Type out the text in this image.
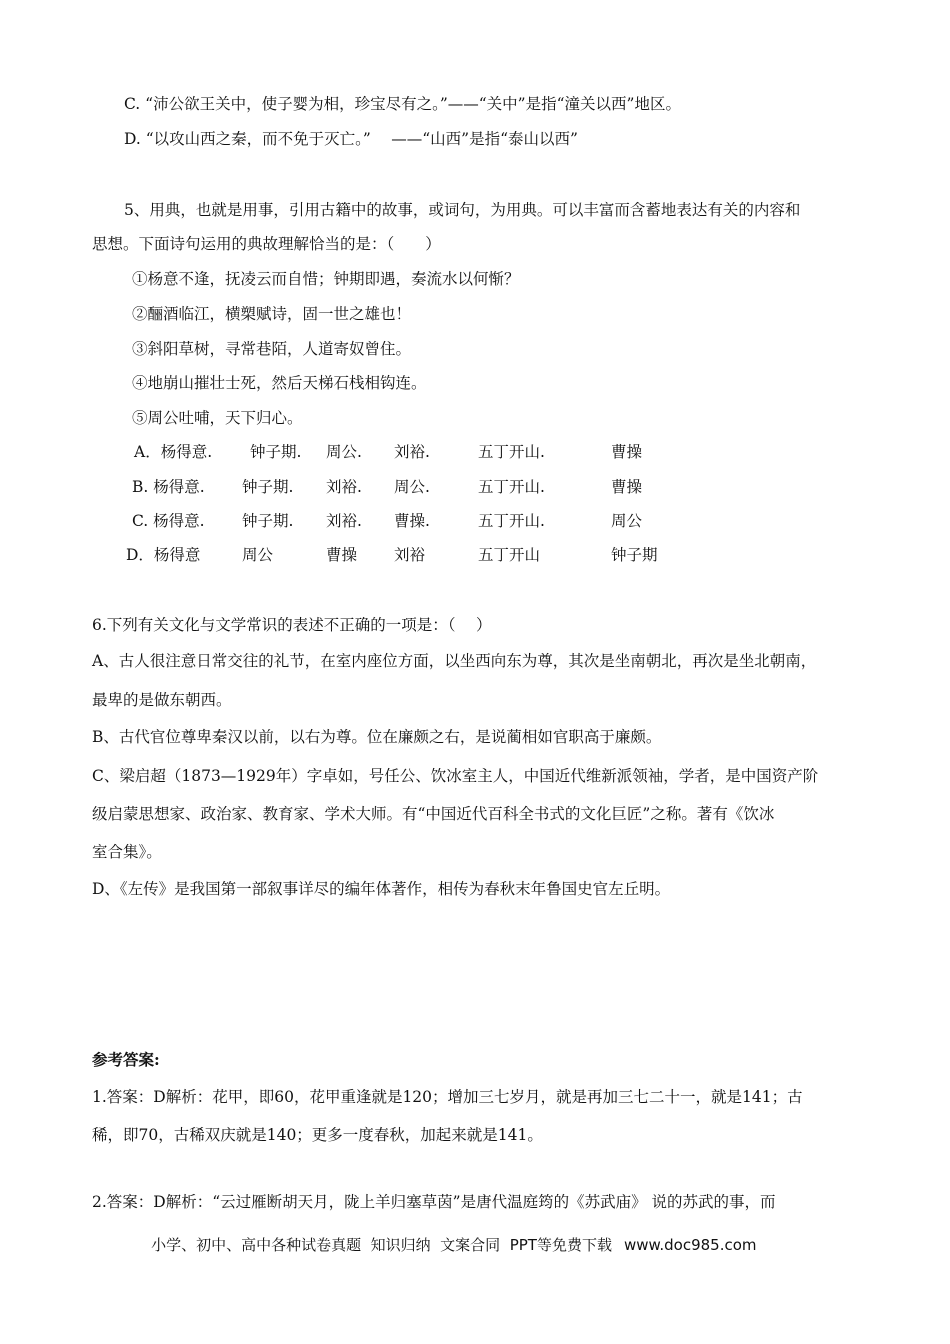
C. “沛公欲王关中，使子婴为相，珍宝尽有之。”——“关中”是指“潼关以西”地区。
D. “以攻山西之秦，而不免于灭亡。”　 ——“山西”是指“泰山以西”
5、用典，也就是用事，引用古籍中的故事，或词句，为用典。可以丰富而含蓄地表达有关的内容和
思想。下面诗句运用的典故理解恰当的是：（　　）
①杨意不逢，抚凌云而自惜；钟期即遇，奏流水以何惭？
②酾酒临江，横槊赋诗，固一世之雄也！
③斜阳草树，寻常巷陌，人道寄奴曾住。
④地崩山摧壮士死，然后天梯石栈相钩连。
⑤周公吐哺，天下归心。
A．杨得意. 钟子期. 周公. 刘裕.	五丁开山.	曹操
B. 杨得意. 钟子期. 刘裕. 周公.	五丁开山.	曹操
C. 杨得意. 钟子期. 刘裕. 曹操.	五丁开山.	周公
D．杨得意	周公	曹操 刘裕	五丁开山	钟子期
6.下列有关文化与文学常识的表述不正确的一项是：（　 ）
A、古人很注意日常交往的礼节，在室内座位方面，以坐西向东为尊，其次是坐南朝北，再次是坐北朝南，
最卑的是做东朝西。
B、古代官位尊卑秦汉以前，以右为尊。位在廉颇之右，是说蔺相如官职高于廉颇。
C、梁启超（1873—1929年）字卓如，号任公、饮冰室主人，中国近代维新派领袖，学者，是中国资产阶
级启蒙思想家、政治家、教育家、学术大师。有“中国近代百科全书式的文化巨匠”之称。著有《饮冰
室合集》。
D、《左传》是我国第一部叙事详尽的编年体著作，相传为春秋末年鲁国史官左丘明。
参考答案:
1.答案：D解析：花甲，即60，花甲重逢就是120；增加三七岁月，就是再加三七二十一，就是141；古
稀，即70，古稀双庆就是140；更多一度春秋，加起来就是141。
2.答案：D解析：“云过雁断胡天月，陇上羊归塞草茵”是唐代温庭筠的《苏武庙》 说的苏武的事，而

小学、初中、高中各种试卷真题  知识归纳  文案合同  PPT等免费下载 www.doc985.com
